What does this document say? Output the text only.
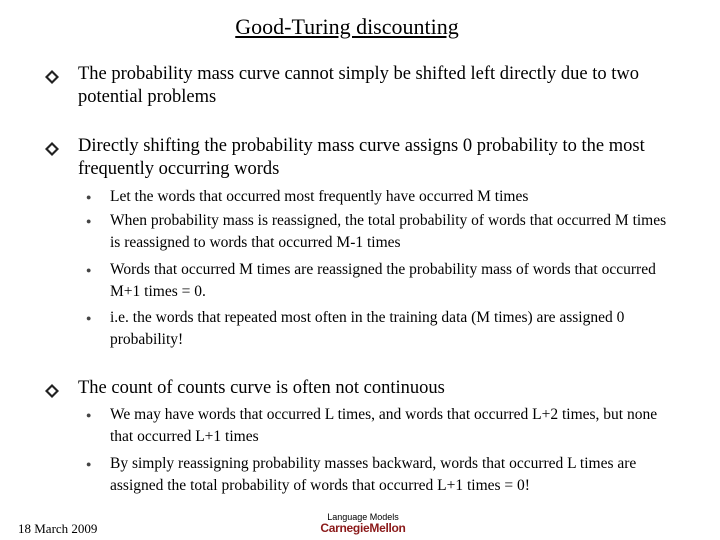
Good-Turing discounting
The probability mass curve cannot simply be shifted left directly due to two potential problems
Directly shifting the probability mass curve assigns 0 probability to the most frequently occurring words
● Let the words that occurred most frequently have occurred M times
● When probability mass is reassigned, the total probability of words that occurred M times is reassigned to words that occurred M-1 times
● Words that occurred M times are reassigned the probability mass of words that occurred M+1 times = 0.
● i.e. the words that repeated most often in the training data (M times) are assigned 0 probability!
The count of counts curve is often not continuous
● We may have words that occurred L times, and words that occurred L+2 times, but none that occurred L+1 times
● By simply reassigning probability masses backward, words that occurred L times are assigned the total probability of words that occurred L+1 times = 0!
18 March 2009
Language Models
CarnegieMellon
